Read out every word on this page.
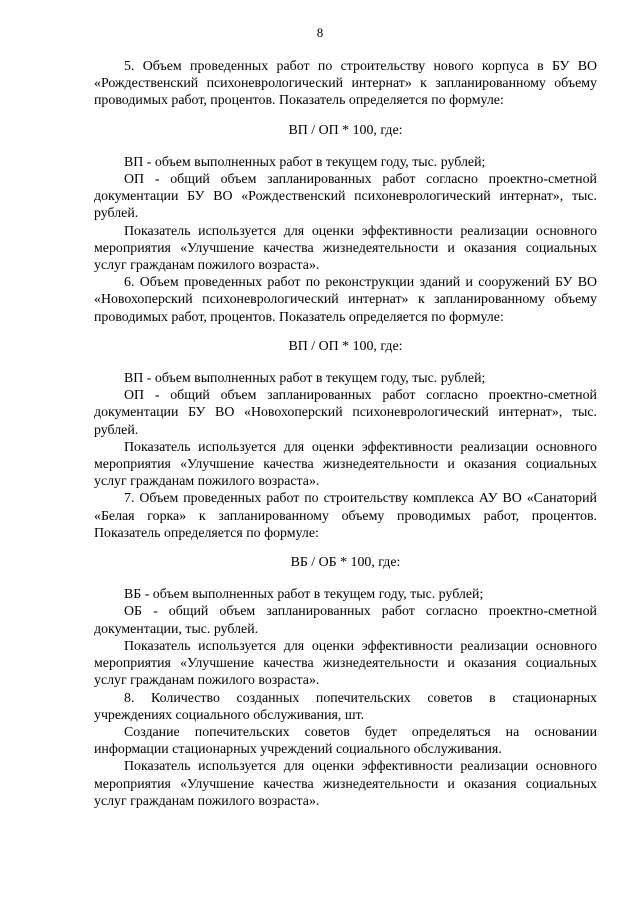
8

5. Объем проведенных работ по строительству нового корпуса в БУ ВО «Рождественский психоневрологический интернат» к запланированному объему проводимых работ, процентов. Показатель определяется по формуле:

ВП / ОП * 100, где:

ВП - объем выполненных работ в текущем году, тыс. рублей;

ОП - общий объем запланированных работ согласно проектно-сметной документации БУ ВО «Рождественский психоневрологический интернат», тыс. рублей.

Показатель используется для оценки эффективности реализации основного мероприятия «Улучшение качества жизнедеятельности и оказания социальных услуг гражданам пожилого возраста».

6. Объем проведенных работ по реконструкции зданий и сооружений БУ ВО «Новохоперский психоневрологический интернат» к запланированному объему проводимых работ, процентов. Показатель определяется по формуле:

ВП / ОП * 100, где:

ВП - объем выполненных работ в текущем году, тыс. рублей;

ОП - общий объем запланированных работ согласно проектно-сметной документации БУ ВО «Новохоперский психоневрологический интернат», тыс. рублей.

Показатель используется для оценки эффективности реализации основного мероприятия «Улучшение качества жизнедеятельности и оказания социальных услуг гражданам пожилого возраста».

7. Объем проведенных работ по строительству комплекса АУ ВО «Санаторий «Белая горка» к запланированному объему проводимых работ, процентов. Показатель определяется по формуле:

ВБ / ОБ * 100, где:

ВБ - объем выполненных работ в текущем году, тыс. рублей;

ОБ - общий объем запланированных работ согласно проектно-сметной документации, тыс. рублей.

Показатель используется для оценки эффективности реализации основного мероприятия «Улучшение качества жизнедеятельности и оказания социальных услуг гражданам пожилого возраста».

8. Количество созданных попечительских советов в стационарных учреждениях социального обслуживания, шт.

Создание попечительских советов будет определяться на основании информации стационарных учреждений социального обслуживания.

Показатель используется для оценки эффективности реализации основного мероприятия «Улучшение качества жизнедеятельности и оказания социальных услуг гражданам пожилого возраста».
